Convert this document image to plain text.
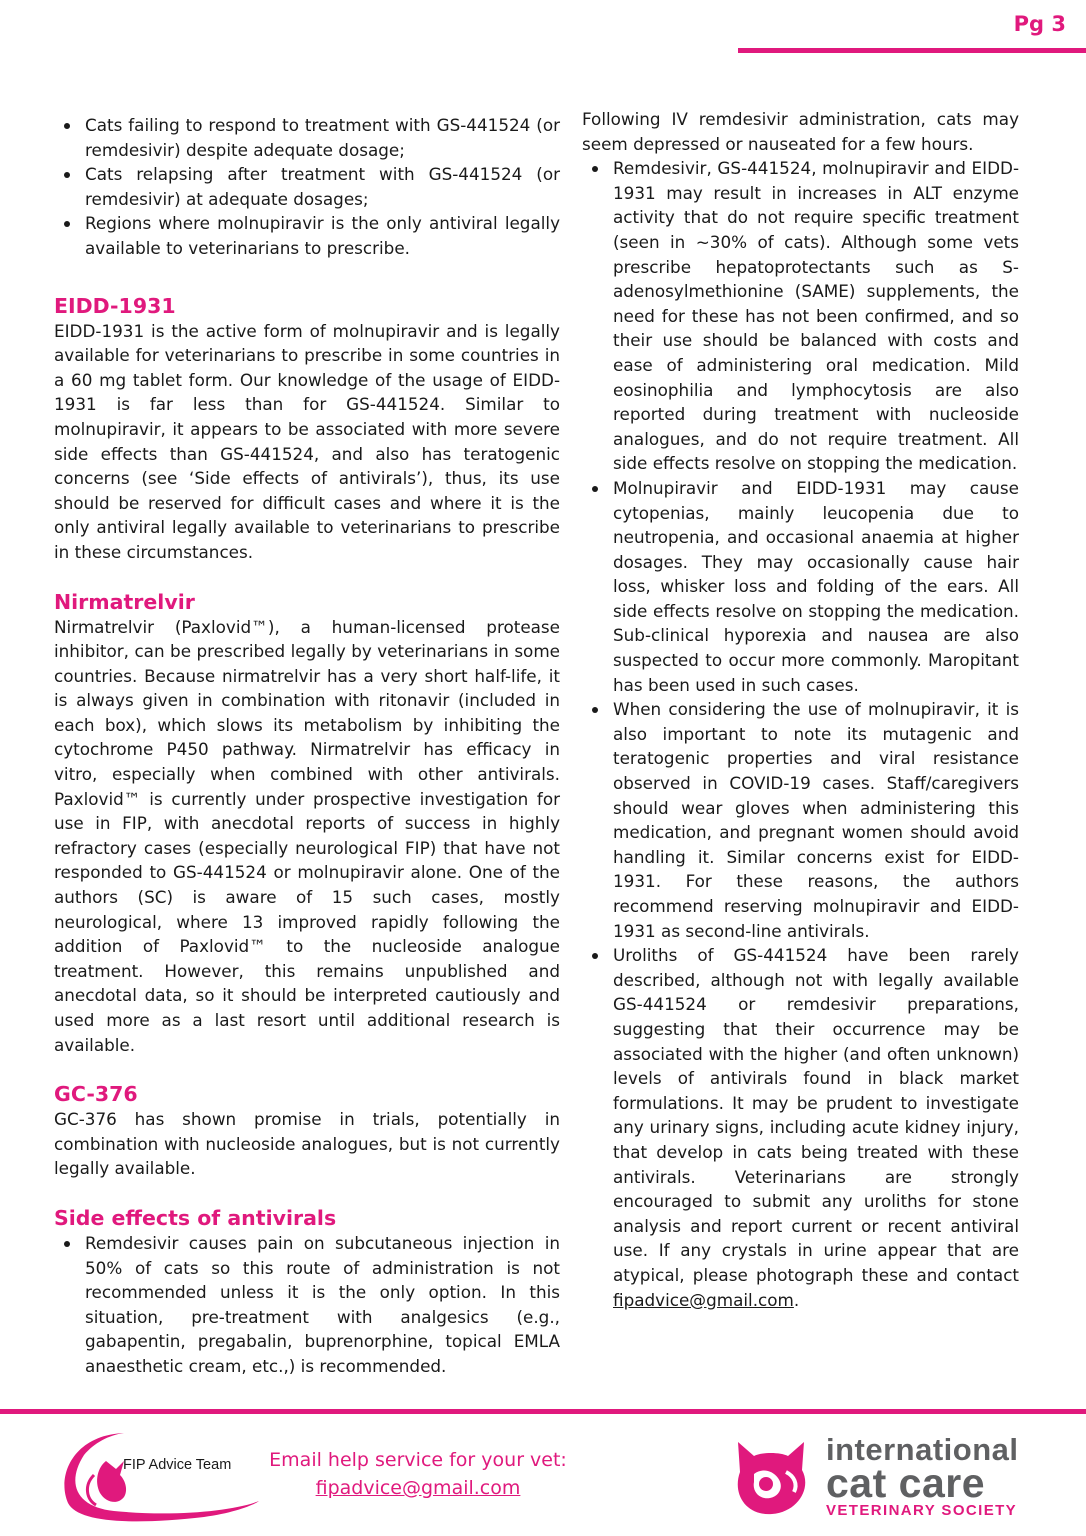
Pg 3
Cats failing to respond to treatment with GS-441524 (or remdesivir) despite adequate dosage;
Cats relapsing after treatment with GS-441524 (or remdesivir) at adequate dosages;
Regions where molnupiravir is the only antiviral legally available to veterinarians to prescribe.
EIDD-1931

EIDD-1931 is the active form of molnupiravir and is legally available for veterinarians to prescribe in some countries in a 60 mg tablet form. Our knowledge of the usage of EIDD-1931 is far less than for GS-441524. Similar to molnupiravir, it appears to be associated with more severe side effects than GS-441524, and also has teratogenic concerns (see ‘Side effects of antivirals’), thus, its use should be reserved for difficult cases and where it is the only antiviral legally available to veterinarians to prescribe in these circumstances.

Nirmatrelvir

Nirmatrelvir (Paxlovid™), a human-licensed protease inhibitor, can be prescribed legally by veterinarians in some countries. Because nirmatrelvir has a very short half-life, it is always given in combination with ritonavir (included in each box), which slows its metabolism by inhibiting the cytochrome P450 pathway. Nirmatrelvir has efficacy in vitro, especially when combined with other antivirals. Paxlovid™ is currently under prospective investigation for use in FIP, with anecdotal reports of success in highly refractory cases (especially neurological FIP) that have not responded to GS-441524 or molnupiravir alone. One of the authors (SC) is aware of 15 such cases, mostly neurological, where 13 improved rapidly following the addition of Paxlovid™ to the nucleoside analogue treatment. However, this remains unpublished and anecdotal data, so it should be interpreted cautiously and used more as a last resort until additional research is available.

GC-376

GC-376 has shown promise in trials, potentially in combination with nucleoside analogues, but is not currently legally available.

Side effects of antivirals
Remdesivir causes pain on subcutaneous injection in 50% of cats so this route of administration is not recommended unless it is the only option. In this situation, pre-treatment with analgesics (e.g., gabapentin, pregabalin, buprenorphine, topical EMLA anaesthetic cream, etc.,) is recommended.

Following IV remdesivir administration, cats may seem depressed or nauseated for a few hours.

Remdesivir, GS-441524, molnupiravir and EIDD-1931 may result in increases in ALT enzyme activity that do not require specific treatment (seen in ~30% of cats). Although some vets prescribe hepatoprotectants such as S-adenosylmethionine (SAME) supplements, the need for these has not been confirmed, and so their use should be balanced with costs and ease of administering oral medication. Mild eosinophilia and lymphocytosis are also reported during treatment with nucleoside analogues, and do not require treatment. All side effects resolve on stopping the medication.
Molnupiravir and EIDD-1931 may cause cytopenias, mainly leucopenia due to neutropenia, and occasional anaemia at higher dosages. They may occasionally cause hair loss, whisker loss and folding of the ears. All side effects resolve on stopping the medication. Sub-clinical hyporexia and nausea are also suspected to occur more commonly. Maropitant has been used in such cases.
When considering the use of molnupiravir, it is also important to note its mutagenic and teratogenic properties and viral resistance observed in COVID-19 cases. Staff/caregivers should wear gloves when administering this medication, and pregnant women should avoid handling it. Similar concerns exist for EIDD-1931. For these reasons, the authors recommend reserving molnupiravir and EIDD-1931 as second-line antivirals.
Uroliths of GS-441524 have been rarely described, although not with legally available GS-441524 or remdesivir preparations, suggesting that their occurrence may be associated with the higher (and often unknown) levels of antivirals found in black market formulations. It may be prudent to investigate any urinary signs, including acute kidney injury, that develop in cats being treated with these antivirals. Veterinarians are strongly encouraged to submit any uroliths for stone analysis and report current or recent antiviral use. If any crystals in urine appear that are atypical, please photograph these and contact fipadvice@gmail.com.
FIP Advice Team Email help service for your vet:
fipadvice@gmail.com
international
cat care
VETERINARY SOCIETY
